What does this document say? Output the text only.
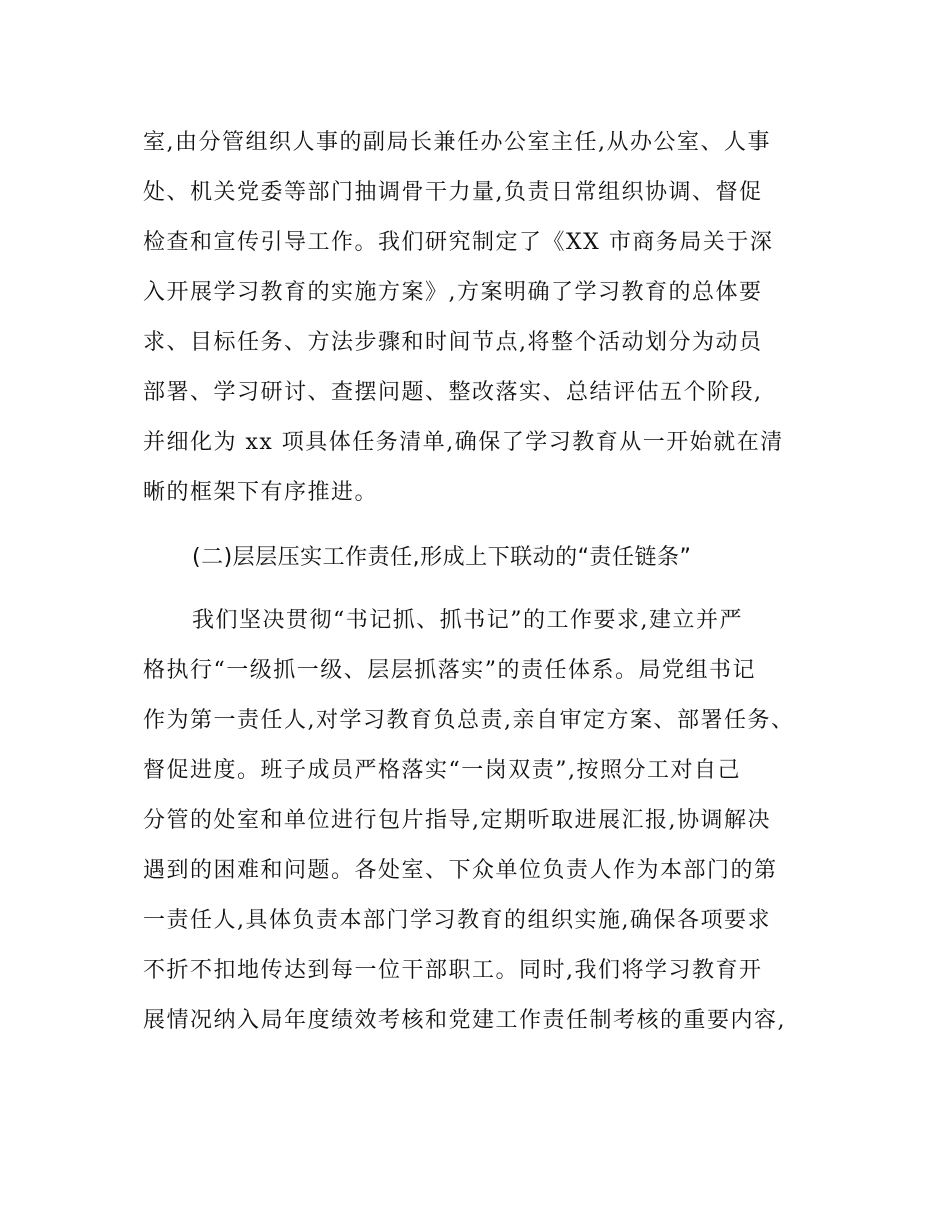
室,由分管组织人事的副局长兼任办公室主任,从办公室、人事
处、机关党委等部门抽调骨干力量,负责日常组织协调、督促
检查和宣传引导工作。我们研究制定了《XX 市商务局关于深
入开展学习教育的实施方案》,方案明确了学习教育的总体要
求、目标任务、方法步骤和时间节点,将整个活动划分为动员
部署、学习研讨、查摆问题、整改落实、总结评估五个阶段,
并细化为 xx 项具体任务清单,确保了学习教育从一开始就在清
晰的框架下有序推进。
(二)层层压实工作责任,形成上下联动的“责任链条”
我们坚决贯彻“书记抓、抓书记”的工作要求,建立并严
格执行“一级抓一级、层层抓落实”的责任体系。局党组书记
作为第一责任人,对学习教育负总责,亲自审定方案、部署任务、
督促进度。班子成员严格落实“一岗双责”,按照分工对自己
分管的处室和单位进行包片指导,定期听取进展汇报,协调解决
遇到的困难和问题。各处室、下众单位负责人作为本部门的第
一责任人,具体负责本部门学习教育的组织实施,确保各项要求
不折不扣地传达到每一位干部职工。同时,我们将学习教育开
展情况纳入局年度绩效考核和党建工作责任制考核的重要内容,
